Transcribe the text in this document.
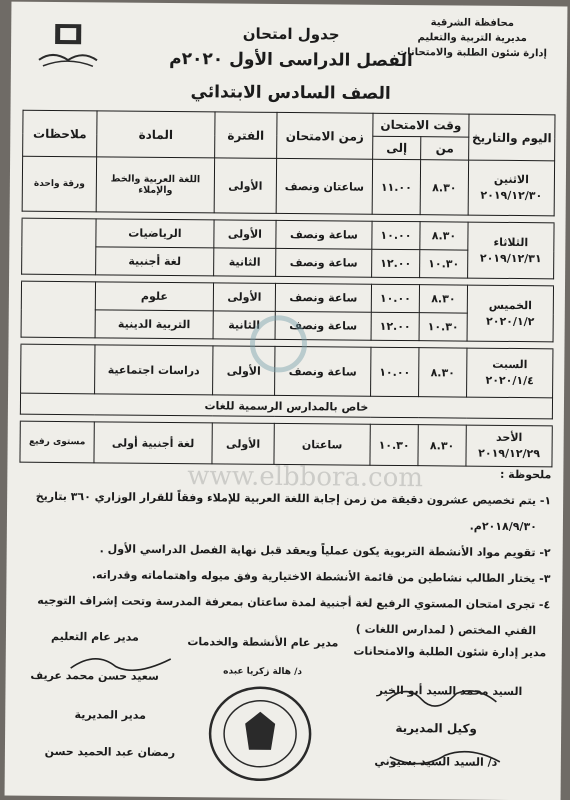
محافظة الشرقية
مديرية التربية والتعليم
إدارة شئون الطلبة والامتحانات
جدول امتحان
الفصل الدراسى الأول ٢٠٢٠م
الصف السادس الابتدائي
اليوم والتاريخ	وقت الامتحان		زمن الامتحان	الفترة	المادة	ملاحظات
	من	إلى				

الاثنين
٢٠١٩/١٢/٣٠	٨.٣٠	١١.٠٠	ساعتان ونصف	الأولى	اللغة العربية والخط والإملاء	ورقة واحدة

الثلاثاء
٢٠١٩/١٢/٣١	٨.٣٠	١٠.٠٠	ساعة ونصف	الأولى	الرياضيات	
	١٠.٣٠	١٢.٠٠	ساعة ونصف	الثانية	لغة أجنبية	

الخميس
٢٠٢٠/١/٢	٨.٣٠	١٠.٠٠	ساعة ونصف	الأولى	علوم	
	١٠.٣٠	١٢.٠٠	ساعة ونصف	الثانية	التربية الدينية	

السبت
٢٠٢٠/١/٤	٨.٣٠	١٠.٠٠	ساعة ونصف	الأولى	دراسات اجتماعية	
خاص بالمدارس الرسمية للغات						

الأحد
٢٠١٩/١٢/٢٩	٨.٣٠	١٠.٣٠	ساعتان	الأولى	لغة أجنبية أولى	مستوى رفيع
www.elbbora.com	ملحوظة :
١- يتم تخصيص عشرون دقيقة من زمن إجابة اللغة العربية للإملاء وفقاً للقرار الوزاري ٣٦٠ بتاريخ
٢٠١٨/٩/٣٠م.
٢- تقويم مواد الأنشطة التربوية يكون عملياً ويعقد قبل نهاية الفصل الدراسي الأول .
٣- يختار الطالب نشاطين من قائمة الأنشطة الاختيارية وفق ميوله واهتماماته وقدراته.
٤- تجرى امتحان المستوي الرفيع لغة أجنبية لمدة ساعتان بمعرفة المدرسة وتحت إشراف التوجيه
الفني المختص ( لمدارس اللغات )
مدير إدارة شئون الطلبة والامتحانات
السيد محمد السيد أبو الخير
مدير عام الأنشطة والخدمات
د/ هالة زكريا عبده
مدير عام التعليم
سعيد حسن محمد عريف
وكيل المديرية
د/ السيد السيد بسيوني
مدير المديرية
رمضان عبد الحميد حسن
